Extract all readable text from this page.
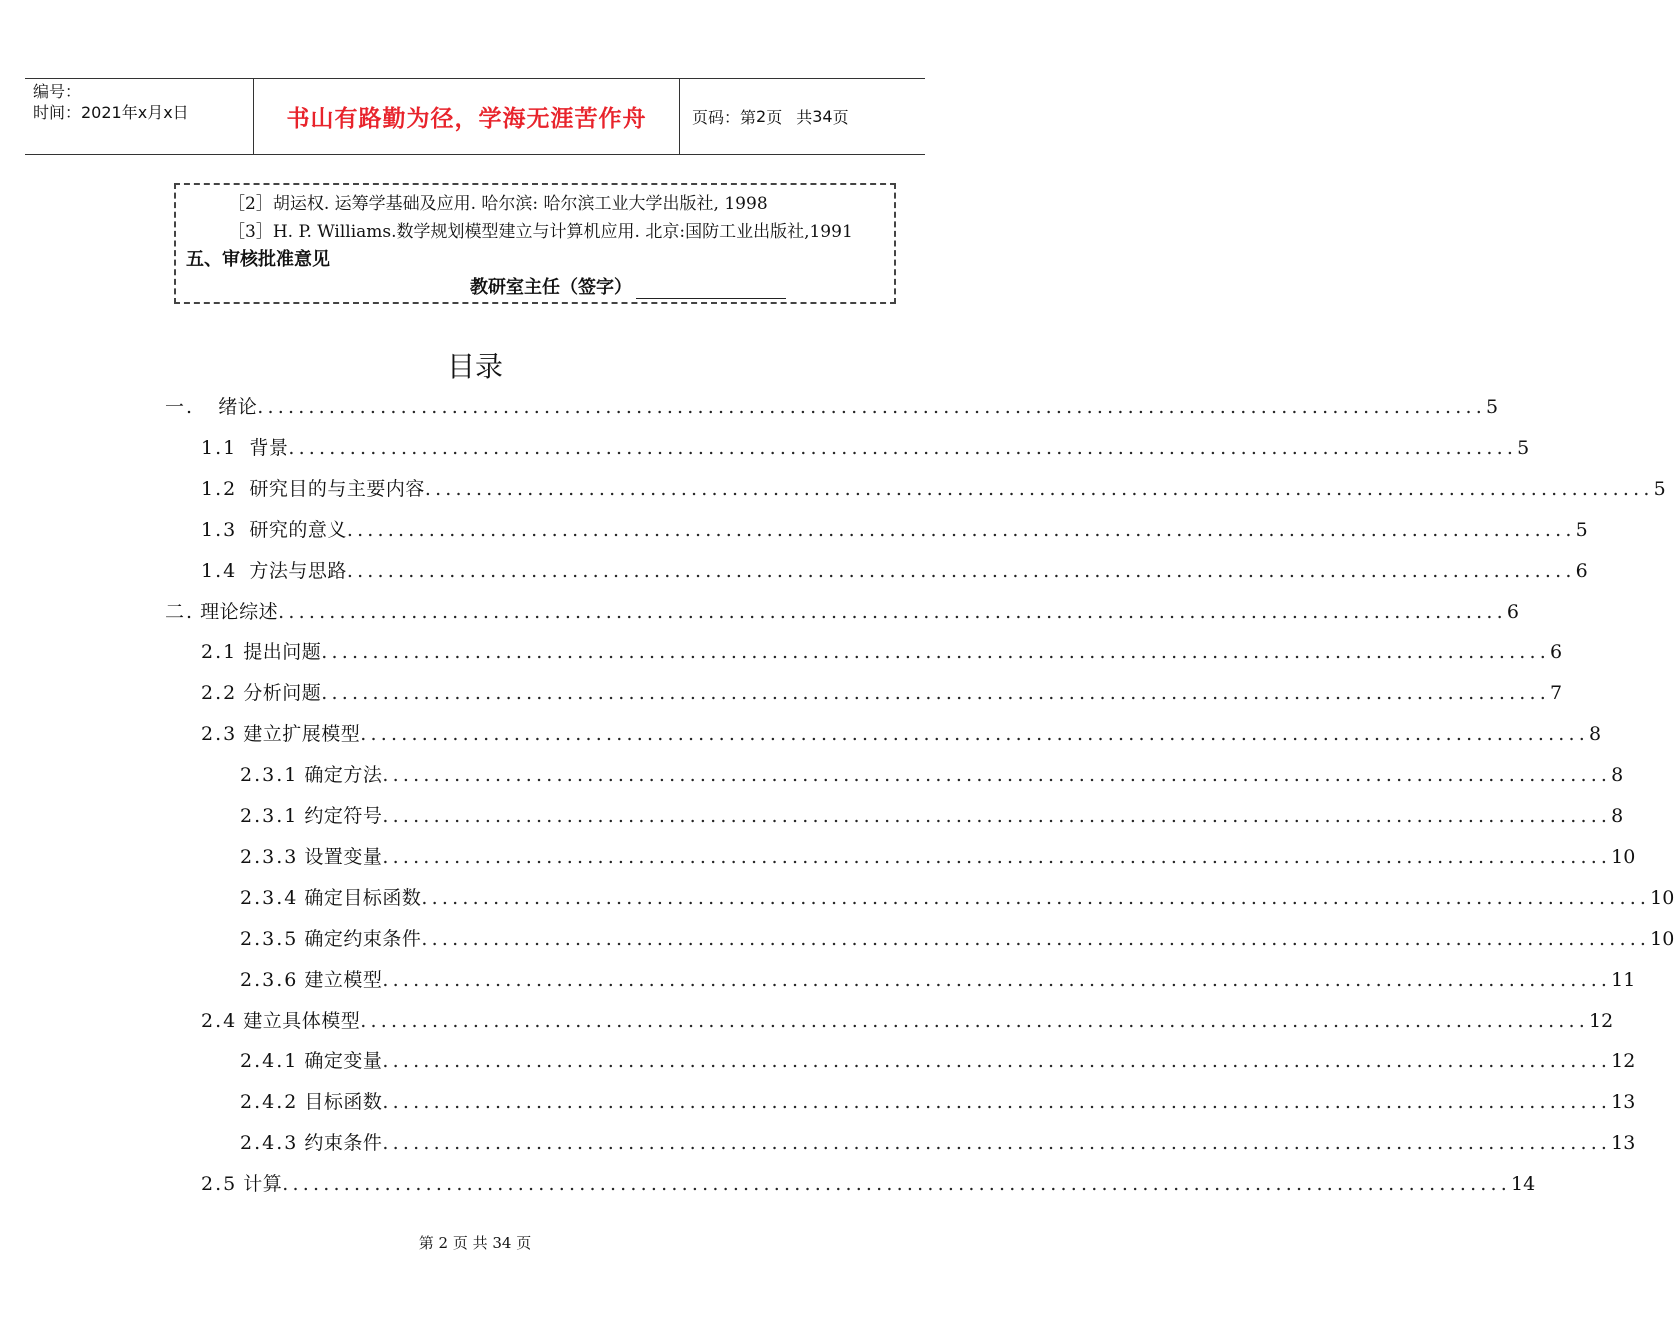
编号：
时间：2021年x月x日	书山有路勤为径，学海无涯苦作舟	页码：第 2 页 共 34 页
［2］胡运权. 运筹学基础及应用. 哈尔滨: 哈尔滨工业大学出版社, 1998
［3］H. P. Williams.数学规划模型建立与计算机应用. 北京:国防工业出版社,1991
五、审核批准意见
教研室主任（签字）
目录
一.
绪论 ........................................................................................................................ 5
1.1
背景 ........................................................................................................................ 5
1.2
研究目的与主要内容 ........................................................................................................................ 5
1.3
研究的意义 ........................................................................................................................ 5
1.4
方法与思路 ........................................................................................................................ 6
二.
理论综述 ........................................................................................................................ 6
2.1
提出问题 ........................................................................................................................ 6
2.2
分析问题 ........................................................................................................................ 7
2.3
建立扩展模型 ........................................................................................................................ 8
2.3.1
确定方法 ........................................................................................................................ 8
2.3.1
约定符号 ........................................................................................................................ 8
2.3.3
设置变量 ........................................................................................................................ 10
2.3.4
确定目标函数 ........................................................................................................................ 10
2.3.5
确定约束条件 ........................................................................................................................ 10
2.3.6
建立模型 ........................................................................................................................ 11
2.4
建立具体模型 ........................................................................................................................ 12
2.4.1
确定变量 ........................................................................................................................ 12
2.4.2
目标函数 ........................................................................................................................ 13
2.4.3
约束条件 ........................................................................................................................ 13
2.5
计算 ........................................................................................................................ 14
第 2 页 共 34 页
